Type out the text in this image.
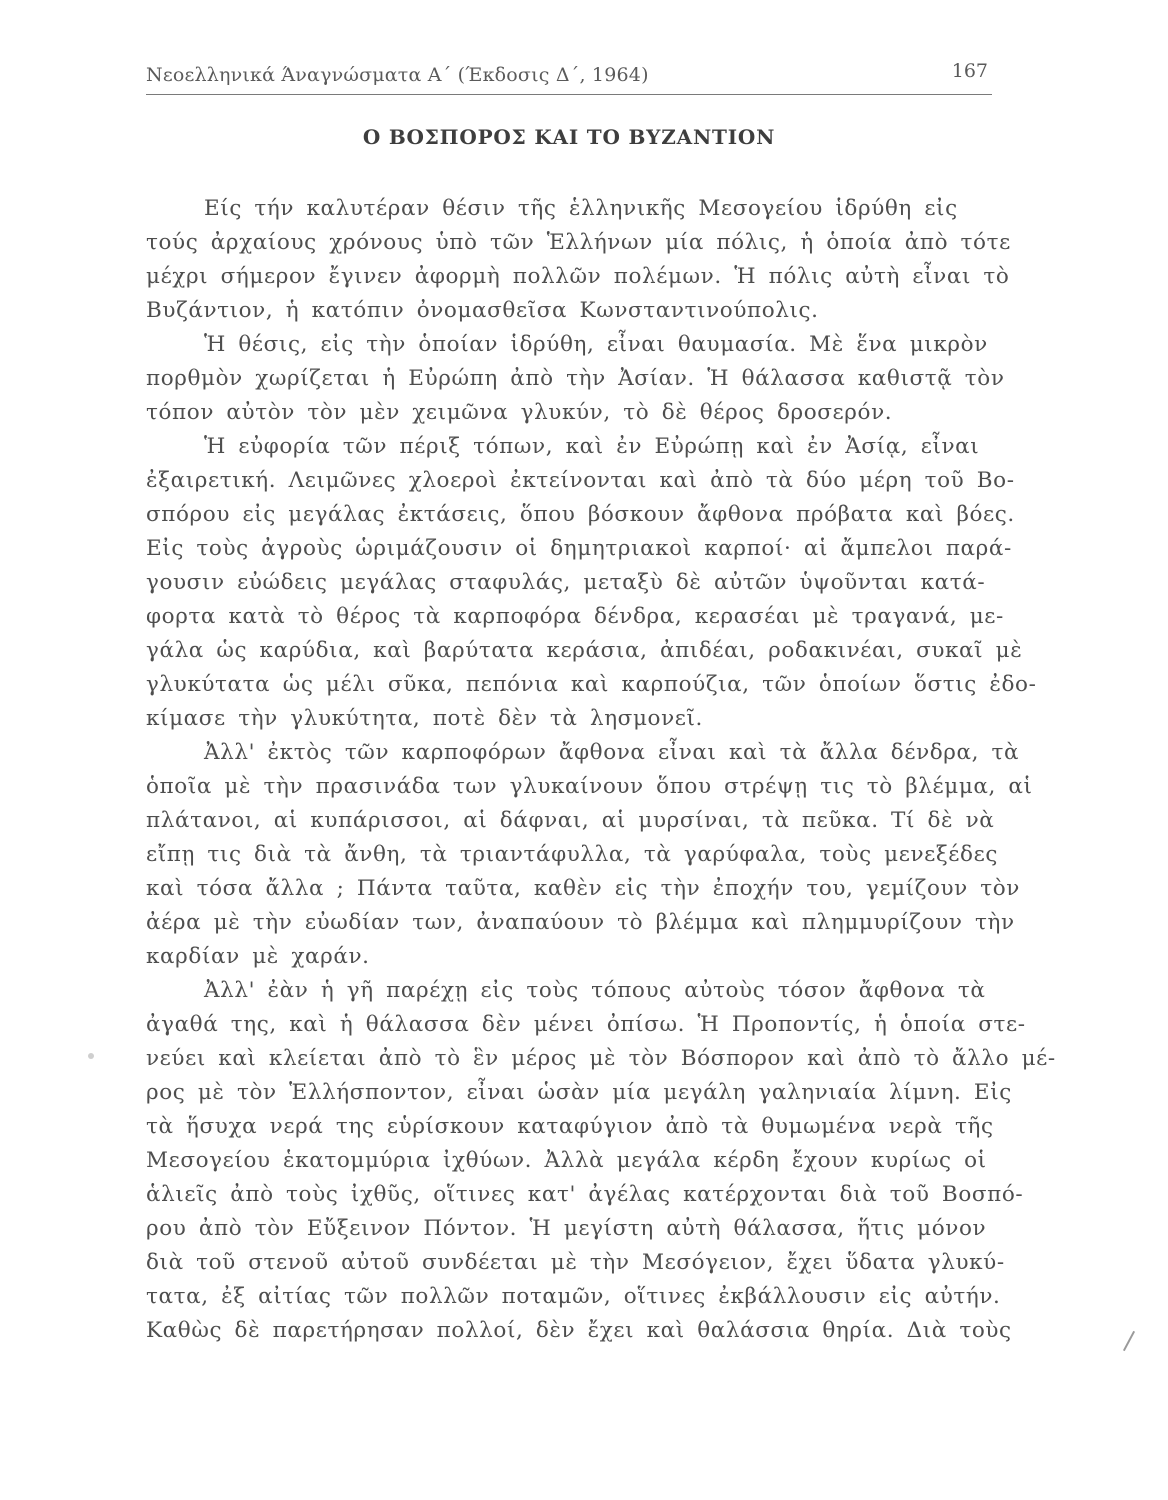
Νεοελληνικά Άναγνώσματα Α΄ (Έκδοσις Δ΄, 1964)	167
Ο ΒΟΣΠΟΡΟΣ ΚΑΙ ΤΟ ΒΥΖΑΝΤΙΟΝ
Είς τήν καλυτέραν θέσιν τῆς ἑλληνικῆς Μεσογείου ἱδρύθη εἰς
τούς ἀρχαίους χρόνους ὑπὸ τῶν Ἑλλήνων μία πόλις, ἡ ὁποία ἀπὸ τότε
μέχρι σήμερον ἔγινεν ἀφορμὴ πολλῶν πολέμων. Ἡ πόλις αὐτὴ εἶναι τὸ
Βυζάντιον, ἡ κατόπιν ὀνομασθεῖσα Κωνσταντινούπολις.
Ἡ θέσις, εἰς τὴν ὁποίαν ἱδρύθη, εἶναι θαυμασία. Μὲ ἕνα μικρὸν
πορθμὸν χωρίζεται ἡ Εὐρώπη ἀπὸ τὴν Ἀσίαν. Ἡ θάλασσα καθιστᾷ τὸν
τόπον αὐτὸν τὸν μὲν χειμῶνα γλυκύν, τὸ δὲ θέρος δροσερόν.
Ἡ εὐφορία τῶν πέριξ τόπων, καὶ ἐν Εὐρώπῃ καὶ ἐν Ἀσίᾳ, εἶναι
ἐξαιρετική. Λειμῶνες χλοεροὶ ἐκτείνονται καὶ ἀπὸ τὰ δύο μέρη τοῦ Βο-
σπόρου εἰς μεγάλας ἐκτάσεις, ὅπου βόσκουν ἄφθονα πρόβατα καὶ βόες.
Εἰς τοὺς ἀγροὺς ὡριμάζουσιν οἱ δημητριακοὶ καρποί· αἱ ἄμπελοι παρά-
γουσιν εὐώδεις μεγάλας σταφυλάς, μεταξὺ δὲ αὐτῶν ὑψοῦνται κατά-
φορτα κατὰ τὸ θέρος τὰ καρποφόρα δένδρα, κερασέαι μὲ τραγανά, με-
γάλα ὡς καρύδια, καὶ βαρύτατα κεράσια, ἀπιδέαι, ροδακινέαι, συκαῖ μὲ
γλυκύτατα ὡς μέλι σῦκα, πεπόνια καὶ καρπούζια, τῶν ὁποίων ὅστις ἐδο-
κίμασε τὴν γλυκύτητα, ποτὲ δὲν τὰ λησμονεῖ.
Ἀλλ' ἐκτὸς τῶν καρποφόρων ἄφθονα εἶναι καὶ τὰ ἄλλα δένδρα, τὰ
ὁποῖα μὲ τὴν πρασινάδα των γλυκαίνουν ὅπου στρέψῃ τις τὸ βλέμμα, αἱ
πλάτανοι, αἱ κυπάρισσοι, αἱ δάφναι, αἱ μυρσίναι, τὰ πεῦκα. Τί δὲ νὰ
εἴπῃ τις διὰ τὰ ἄνθη, τὰ τριαντάφυλλα, τὰ γαρύφαλα, τοὺς μενεξέδες
καὶ τόσα ἄλλα ; Πάντα ταῦτα, καθὲν εἰς τὴν ἐποχήν του, γεμίζουν τὸν
ἀέρα μὲ τὴν εὐωδίαν των, ἀναπαύουν τὸ βλέμμα καὶ πλημμυρίζουν τὴν
καρδίαν μὲ χαράν.
Ἀλλ' ἐὰν ἡ γῆ παρέχῃ εἰς τοὺς τόπους αὐτοὺς τόσον ἄφθονα τὰ
ἀγαθά της, καὶ ἡ θάλασσα δὲν μένει ὀπίσω. Ἡ Προποντίς, ἡ ὁποία στε-
νεύει καὶ κλείεται ἀπὸ τὸ ἓν μέρος μὲ τὸν Βόσπορον καὶ ἀπὸ τὸ ἄλλο μέ-
ρος μὲ τὸν Ἑλλήσποντον, εἶναι ὡσὰν μία μεγάλη γαληνιαία λίμνη. Εἰς
τὰ ἥσυχα νερά της εὑρίσκουν καταφύγιον ἀπὸ τὰ θυμωμένα νερὰ τῆς
Μεσογείου ἑκατομμύρια ἰχθύων. Ἀλλὰ μεγάλα κέρδη ἔχουν κυρίως οἱ
ἁλιεῖς ἀπὸ τοὺς ἰχθῦς, οἵτινες κατ' ἀγέλας κατέρχονται διὰ τοῦ Βοσπό-
ρου ἀπὸ τὸν Εὔξεινον Πόντον. Ἡ μεγίστη αὐτὴ θάλασσα, ἥτις μόνον
διὰ τοῦ στενοῦ αὐτοῦ συνδέεται μὲ τὴν Μεσόγειον, ἔχει ὕδατα γλυκύ-
τατα, ἐξ αἰτίας τῶν πολλῶν ποταμῶν, οἵτινες ἐκβάλλουσιν εἰς αὐτήν.
Καθὼς δὲ παρετήρησαν πολλοί, δὲν ἔχει καὶ θαλάσσια θηρία. Διὰ τοὺς
